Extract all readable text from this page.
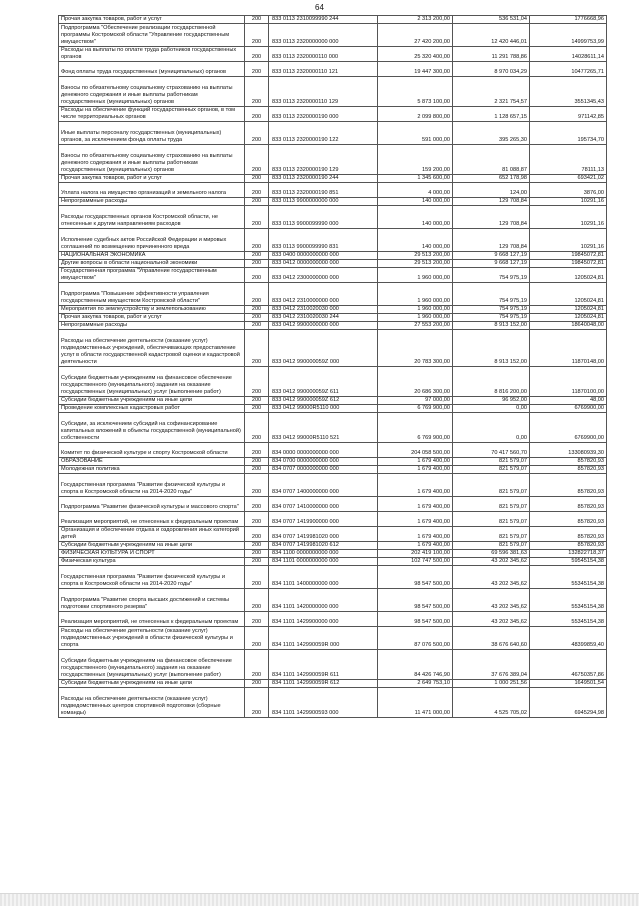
64
Прочая закупка товаров, работ и услуг	200	833 0113 2310099990 244	2 313 200,00	536 531,04	1776668,96
Подпрограмма "Обеспечение реализации государственной программы Костромской области "Управление государственным имуществом"	200	833 0113 2320000000 000	27 420 200,00	12 420 446,01	14999753,99
Расходы на выплаты по оплате труда работников государственных органов	200	833 0113 2320000110 000	25 320 400,00	11 291 788,86	14028611,14
Фонд оплаты труда государственных (муниципальных) органов	200	833 0113 2320000110 121	19 447 300,00	8 970 034,29	10477265,71
Взносы по обязательному социальному страхованию на выплаты денежного содержания и иные выплаты работникам государственных (муниципальных) органов	200	833 0113 2320000110 129	5 873 100,00	2 321 754,57	3551345,43
Расходы на обеспечение функций государственных органов, в том числе территориальных органов	200	833 0113 2320000190 000	2 099 800,00	1 128 657,15	971142,85
Иные выплаты персоналу государственных (муниципальных) органов, за исключением фонда оплаты труда	200	833 0113 2320000190 122	591 000,00	395 265,30	195734,70
Взносы по обязательному социальному страхованию на выплаты денежного содержания и иные выплаты работникам государственных (муниципальных) органов	200	833 0113 2320000190 129	159 200,00	81 088,87	78111,13
Прочая закупка товаров, работ и услуг	200	833 0113 2320000190 244	1 345 600,00	652 178,98	693421,02
Уплата налога на имущество организаций и земельного налога	200	833 0113 2320000190 851	4 000,00	124,00	3876,00
Непрограммные расходы	200	833 0113 9900000000 000	140 000,00	129 708,84	10291,16
Расходы государственных органов Костромской области, не отнесенные к другим направлениям расходов	200	833 0113 9900099990 000	140 000,00	129 708,84	10291,16
Исполнение судебных актов Российской Федерации и мировых соглашений по возмещению причиненного вреда	200	833 0113 9900099990 831	140 000,00	129 708,84	10291,16
НАЦИОНАЛЬНАЯ ЭКОНОМИКА	200	833 0400 0000000000 000	29 513 200,00	9 668 127,19	19845072,81
Другие вопросы в области национальной экономики	200	833 0412 0000000000 000	29 513 200,00	9 668 127,19	19845072,81
Государственная программа "Управление государственным имуществом"	200	833 0412 2300000000 000	1 960 000,00	754 975,19	1205024,81
Подпрограмма "Повышение эффективности управления государственным имуществом Костромской области"	200	833 0412 2310000000 000	1 960 000,00	754 975,19	1205024,81
Мероприятия по землеустройству и землепользованию	200	833 0412 2310020030 000	1 960 000,00	754 975,19	1205024,81
Прочая закупка товаров, работ и услуг	200	833 0412 2310020030 244	1 960 000,00	754 975,19	1205024,81
Непрограммные расходы	200	833 0412 9900000000 000	27 553 200,00	8 913 152,00	18640048,00
Расходы на обеспечение деятельности (оказание услуг) подведомственных учреждений, обеспечивающих предоставление услуг в области государственной кадастровой оценки и кадастровой деятельности	200	833 0412 990000059Z 000	20 783 300,00	8 913 152,00	11870148,00
Субсидии бюджетным учреждениям на финансовое обеспечение государственного (муниципального) задания на оказание государственных (муниципальных) услуг (выполнение работ)	200	833 0412 990000059Z 611	20 686 300,00	8 816 200,00	11870100,00
Субсидии бюджетным учреждениям на иные цели	200	833 0412 990000059Z 612	97 000,00	96 952,00	48,00
Проведение комплексных кадастровых работ	200	833 0412 99000R5110 000	6 769 900,00	0,00	6769900,00
Субсидии, за исключением субсидий на софинансирование капитальных вложений в объекты государственной (муниципальной) собственности	200	833 0412 99000R5110 521	6 769 900,00	0,00	6769900,00
Комитет по физической культуре и спорту Костромской области	200	834 0000 0000000000 000	204 058 500,00	70 417 560,70	133080939,30
ОБРАЗОВАНИЕ	200	834 0700 0000000000 000	1 679 400,00	821 579,07	857820,93
Молодежная политика	200	834 0707 0000000000 000	1 679 400,00	821 579,07	857820,93
Государственная программа "Развитие физической культуры и спорта в Костромской области на 2014-2020 годы"	200	834 0707 1400000000 000	1 679 400,00	821 579,07	857820,93
Подпрограмма "Развитие физической культуры и массового спорта"	200	834 0707 1410000000 000	1 679 400,00	821 579,07	857820,93
Реализация мероприятий, не отнесенных к федеральным проектам	200	834 0707 1419900000 000	1 679 400,00	821 579,07	857820,93
Организация и обеспечение отдыха и оздоровления иных категорий детей	200	834 0707 1419981020 000	1 679 400,00	821 579,07	857820,93
Субсидии бюджетным учреждениям на иные цели	200	834 0707 1419981020 612	1 679 400,00	821 579,07	857820,93
ФИЗИЧЕСКАЯ КУЛЬТУРА И СПОРТ	200	834 1100 0000000000 000	202 419 100,00	69 596 381,63	132822718,37
Физическая культура	200	834 1101 0000000000 000	102 747 500,00	43 202 345,62	59545154,38
Государственная программа "Развитие физической культуры и спорта в Костромской области на 2014-2020 годы"	200	834 1101 1400000000 000	98 547 500,00	43 202 345,62	55345154,38
Подпрограмма "Развитие спорта высших достижений и системы подготовки спортивного резерва"	200	834 1101 1420000000 000	98 547 500,00	43 202 345,62	55345154,38
Реализация мероприятий, не отнесенных к федеральным проектам	200	834 1101 1429900000 000	98 547 500,00	43 202 345,62	55345154,38
Расходы на обеспечение деятельности (оказание услуг) подведомственных учреждений в области физической культуры и спорта	200	834 1101 142990059R 000	87 076 500,00	38 676 640,60	48399859,40
Субсидии бюджетным учреждениям на финансовое обеспечение государственного (муниципального) задания на оказание государственных (муниципальных) услуг (выполнение работ)	200	834 1101 142990059R 611	84 426 746,90	37 676 389,04	46750357,86
Субсидии бюджетным учреждениям на иные цели	200	834 1101 142990059R 612	2 649 753,10	1 000 251,56	1649501,54
Расходы на обеспечение деятельности (оказание услуг) подведомственных центров спортивной подготовки (сборные команды)	200	834 1101 1429900593 000	11 471 000,00	4 525 705,02	6945294,98
